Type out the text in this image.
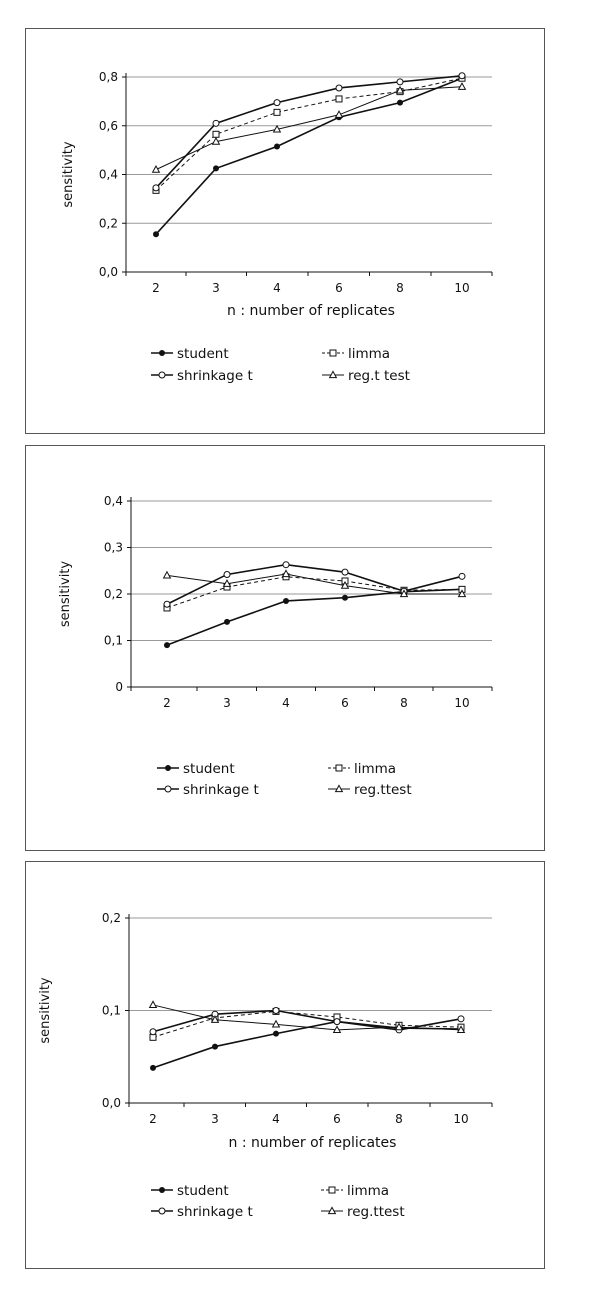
0,0
0,2
0,4
0,6
0,8
2	3	4	6	8	10
sensitivity
n : number of replicates
student	limma
shrinkage t	reg.t test
0
0,1
0,2
0,3
0,4
2	3	4	6	8	10
sensitivity
student	limma
shrinkage t	reg.ttest
0,0
0,1
0,2
2	3	4	6	8	10
sensitivity
n : number of replicates
student	limma
shrinkage t	reg.ttest
